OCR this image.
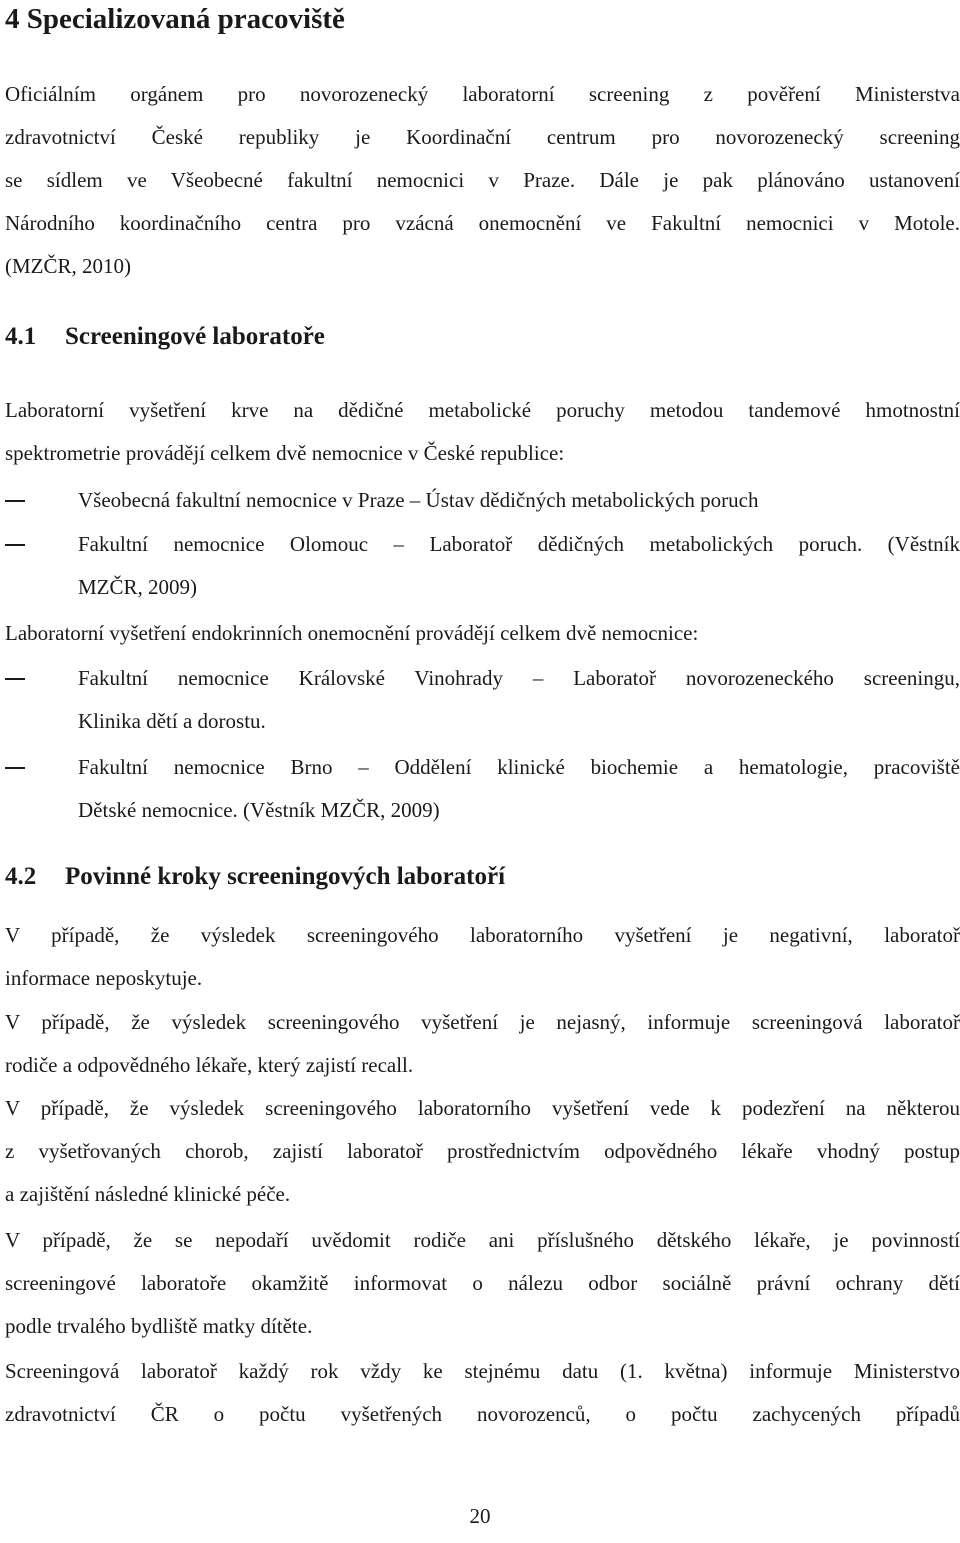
4 Specializovaná pracoviště
Oficiálním orgánem pro novorozenecký laboratorní screening z pověření Ministerstva
zdravotnictví České republiky je Koordinační centrum pro novorozenecký screening
se sídlem ve Všeobecné fakultní nemocnici v Praze. Dále je pak plánováno ustanovení
Národního koordinačního centra pro vzácná onemocnění ve Fakultní nemocnici v Motole.
(MZČR, 2010)
4.1 Screeningové laboratoře
Laboratorní vyšetření krve na dědičné metabolické poruchy metodou tandemové hmotnostní
spektrometrie provádějí celkem dvě nemocnice v České republice:
Všeobecná fakultní nemocnice v Praze – Ústav dědičných metabolických poruch
Fakultní nemocnice Olomouc – Laboratoř dědičných metabolických poruch. (Věstník
MZČR, 2009)
Laboratorní vyšetření endokrinních onemocnění provádějí celkem dvě nemocnice:
Fakultní nemocnice Královské Vinohrady – Laboratoř novorozeneckého screeningu,
Klinika dětí a dorostu.
Fakultní nemocnice Brno – Oddělení klinické biochemie a hematologie, pracoviště
Dětské nemocnice. (Věstník MZČR, 2009)
4.2 Povinné kroky screeningových laboratoří
V případě, že výsledek screeningového laboratorního vyšetření je negativní, laboratoř
informace neposkytuje.
V případě, že výsledek screeningového vyšetření je nejasný, informuje screeningová laboratoř
rodiče a odpovědného lékaře, který zajistí recall.
V případě, že výsledek screeningového laboratorního vyšetření vede k podezření na některou
z vyšetřovaných chorob, zajistí laboratoř prostřednictvím odpovědného lékaře vhodný postup
a zajištění následné klinické péče.
V případě, že se nepodaří uvědomit rodiče ani příslušného dětského lékaře, je povinností
screeningové laboratoře okamžitě informovat o nálezu odbor sociálně právní ochrany dětí
podle trvalého bydliště matky dítěte.
Screeningová laboratoř každý rok vždy ke stejnému datu (1. května) informuje Ministerstvo
zdravotnictví ČR o počtu vyšetřených novorozenců, o počtu zachycených případů
20
